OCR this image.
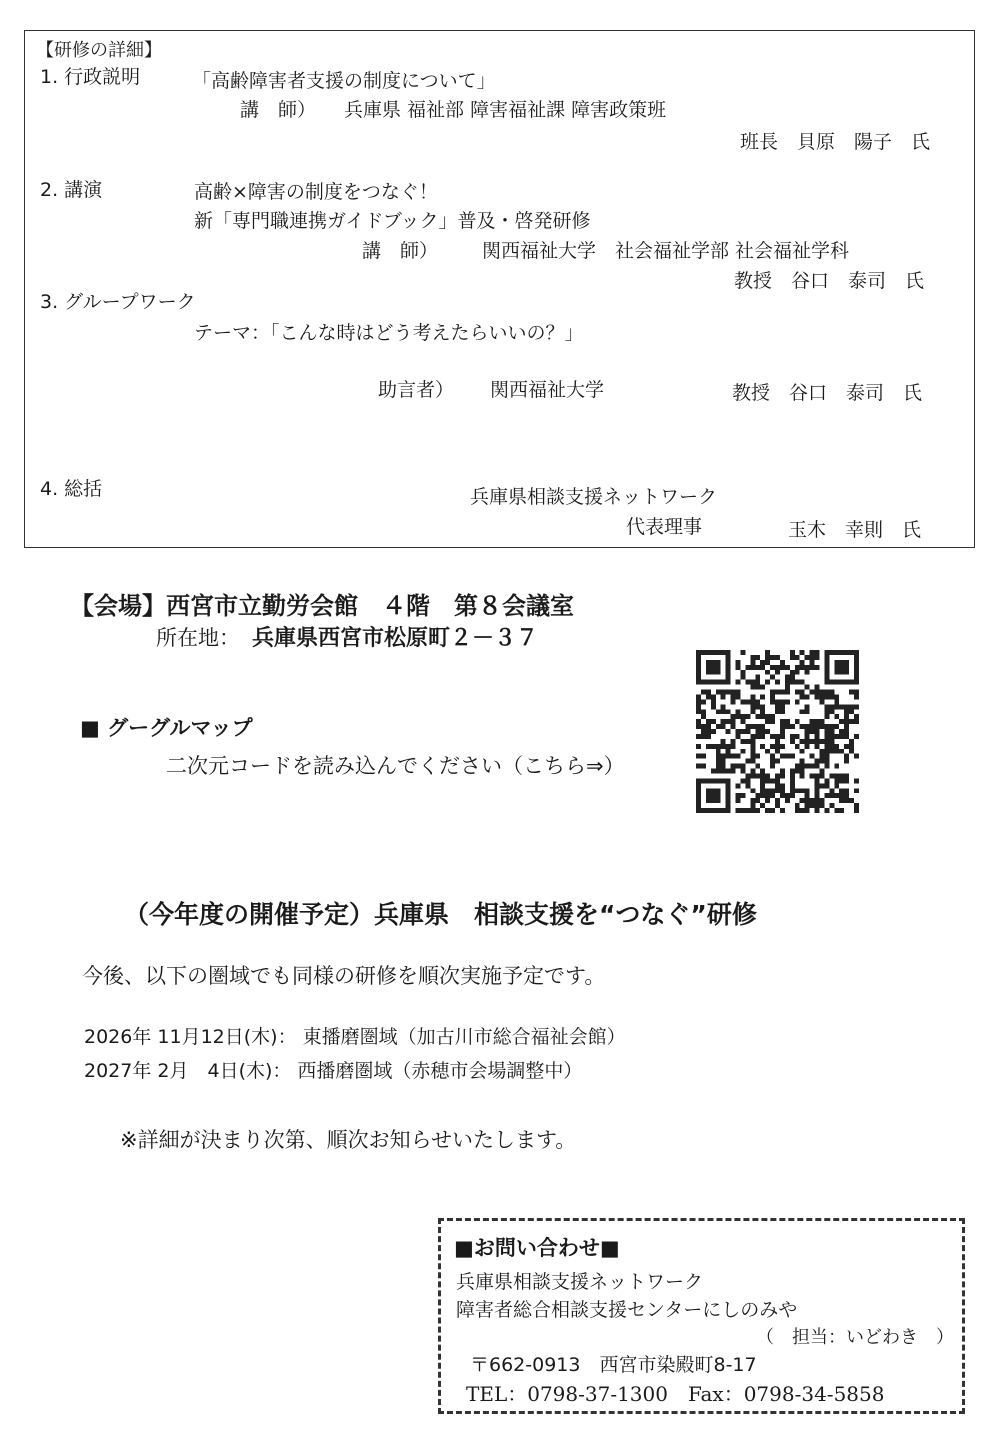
【研修の詳細】
1. 行政説明	「高齢障害者支援の制度について」
講　師） 兵庫県 福祉部 障害福祉課 障害政策班
班長　貝原　陽子　氏
2. 講演	高齢×障害の制度をつなぐ！
新「専門職連携ガイドブック」普及・啓発研修
講　師） 関西福祉大学　社会福祉学部 社会福祉学科
教授　谷口　泰司　氏
3. グループワーク
テーマ：「こんな時はどう考えたらいいの？」
助言者） 関西福祉大学	教授　谷口　泰司　氏
4. 総括	兵庫県相談支援ネットワーク
代表理事	玉木　幸則　氏
【会場】西宮市立勤労会館　４階　第８会議室
所在地： 兵庫県西宮市松原町２－３７
■ グーグルマップ
二次元コードを読み込んでください（こちら⇒）
（今年度の開催予定）兵庫県　相談支援を“つなぐ”研修
今後、以下の圏域でも同様の研修を順次実施予定です。
2026年 11月12日(木)： 東播磨圏域（加古川市総合福祉会館）
2027年 2月　4日(木)： 西播磨圏域（赤穂市会場調整中）
※詳細が決まり次第、順次お知らせいたします。
■お問い合わせ■
兵庫県相談支援ネットワーク
障害者総合相談支援センターにしのみや
（　担当：いどわき　）
〒662-0913　西宮市染殿町8-17
TEL：0798-37-1300　Fax：0798-34-5858
